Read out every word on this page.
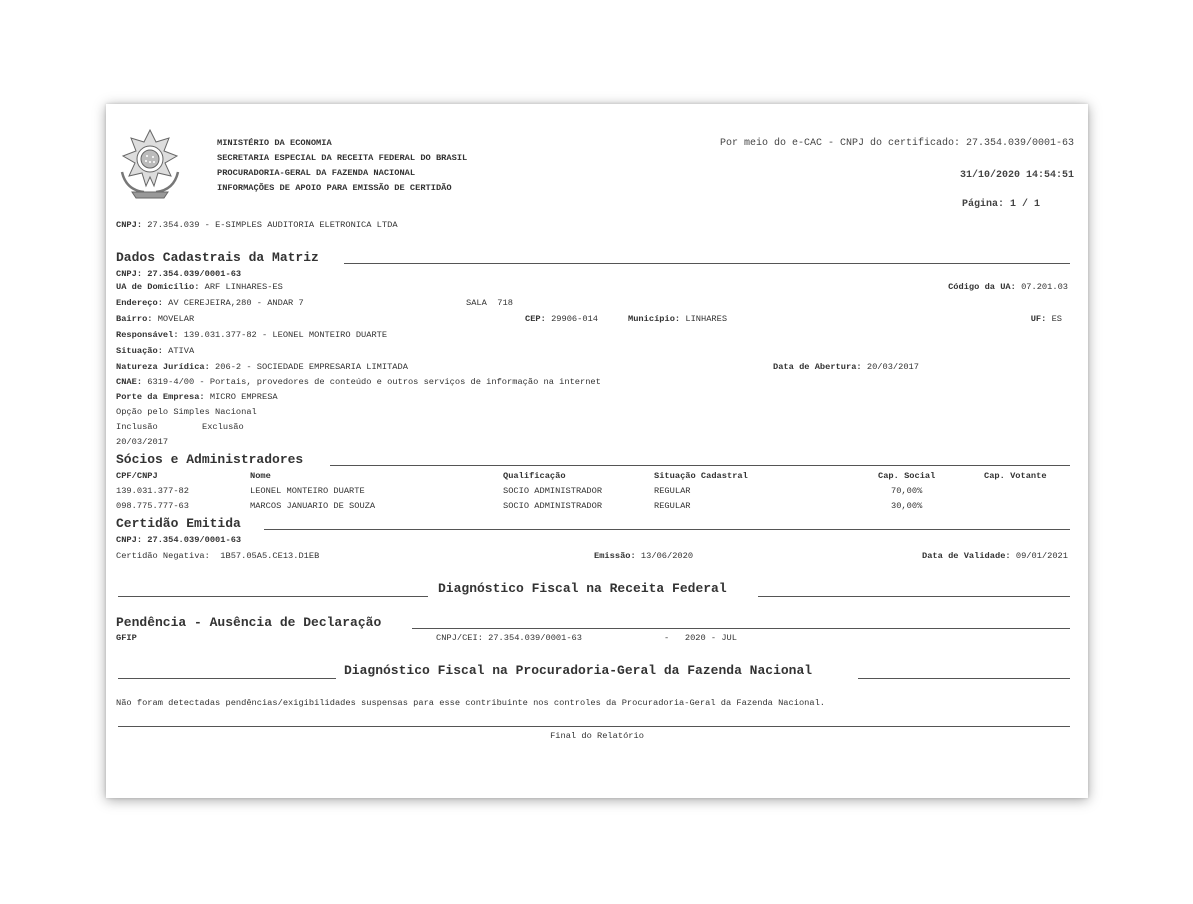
MINISTÉRIO DA ECONOMIA
SECRETARIA ESPECIAL DA RECEITA FEDERAL DO BRASIL
PROCURADORIA-GERAL DA FAZENDA NACIONAL
INFORMAÇÕES DE APOIO PARA EMISSÃO DE CERTIDÃO
Por meio do e-CAC - CNPJ do certificado: 27.354.039/0001-63
31/10/2020 14:54:51
Página: 1 / 1
CNPJ: 27.354.039 - E-SIMPLES AUDITORIA ELETRONICA LTDA
Dados Cadastrais da Matriz
CNPJ: 27.354.039/0001-63
UA de Domicílio: ARF LINHARES-ES	Código da UA: 07.201.03
Endereço: AV CEREJEIRA,280 - ANDAR 7	SALA  718
Bairro: MOVELAR	CEP: 29906-014	Município: LINHARES	UF: ES
Responsável: 139.031.377-82 - LEONEL MONTEIRO DUARTE
Situação: ATIVA
Natureza Jurídica: 206-2 - SOCIEDADE EMPRESARIA LIMITADA	Data de Abertura: 20/03/2017
CNAE: 6319-4/00 - Portais, provedores de conteúdo e outros serviços de informação na internet
Porte da Empresa: MICRO EMPRESA
Opção pelo Simples Nacional
Inclusão	Exclusão
20/03/2017
Sócios e Administradores
CPF/CNPJ	Nome	Qualificação	Situação Cadastral	Cap. Social	Cap. Votante
139.031.377-82	LEONEL MONTEIRO DUARTE	SOCIO ADMINISTRADOR	REGULAR	70,00%
098.775.777-63	MARCOS JANUARIO DE SOUZA	SOCIO ADMINISTRADOR	REGULAR	30,00%
Certidão Emitida
CNPJ: 27.354.039/0001-63
Certidão Negativa:  1B57.05A5.CE13.D1EB	Emissão: 13/06/2020	Data de Validade: 09/01/2021
Diagnóstico Fiscal na Receita Federal
Pendência - Ausência de Declaração
GFIP	CNPJ/CEI: 27.354.039/0001-63	-   2020 - JUL
Diagnóstico Fiscal na Procuradoria-Geral da Fazenda Nacional
Não foram detectadas pendências/exigibilidades suspensas para esse contribuinte nos controles da Procuradoria-Geral da Fazenda Nacional.
Final do Relatório
